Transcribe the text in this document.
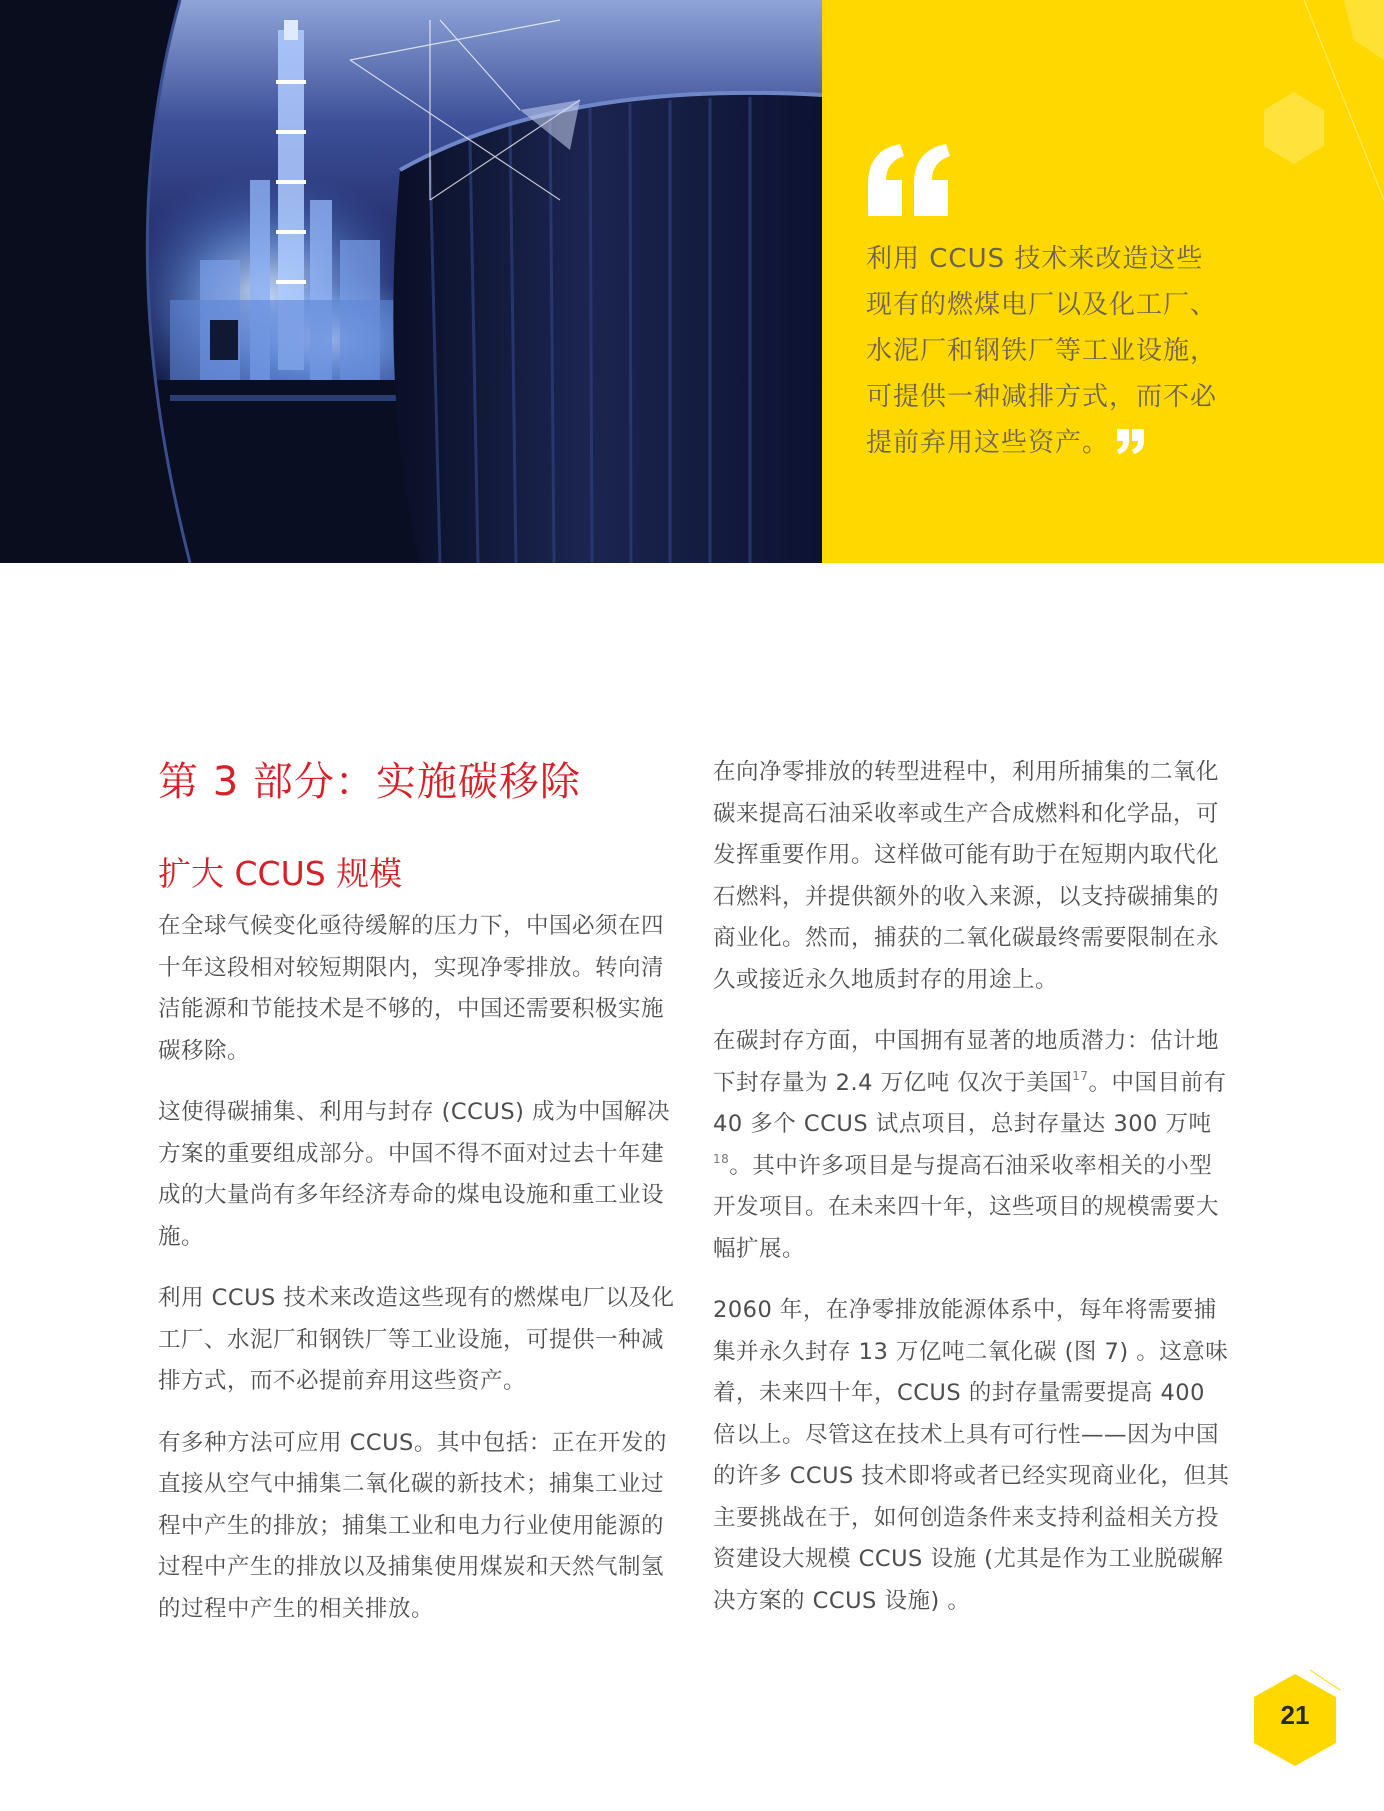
利用 CCUS 技术来改造这些
现有的燃煤电厂以及化工厂、
水泥厂和钢铁厂等工业设施，
可提供一种减排方式，而不必
提前弃用这些资产。
第 3 部分：实施碳移除
扩大 CCUS 规模

在全球气候变化亟待缓解的压力下，中国必须在四十年这段相对较短期限内，实现净零排放。转向清洁能源和节能技术是不够的，中国还需要积极实施碳移除。

这使得碳捕集、利用与封存 (CCUS) 成为中国解决方案的重要组成部分。中国不得不面对过去十年建成的大量尚有多年经济寿命的煤电设施和重工业设施。

利用 CCUS 技术来改造这些现有的燃煤电厂以及化工厂、水泥厂和钢铁厂等工业设施，可提供一种减排方式，而不必提前弃用这些资产。

有多种方法可应用 CCUS。其中包括：正在开发的直接从空气中捕集二氧化碳的新技术；捕集工业过程中产生的排放；捕集工业和电力行业使用能源的过程中产生的排放以及捕集使用煤炭和天然气制氢的过程中产生的相关排放。

在向净零排放的转型进程中，利用所捕集的二氧化碳来提高石油采收率或生产合成燃料和化学品，可发挥重要作用。这样做可能有助于在短期内取代化石燃料，并提供额外的收入来源，以支持碳捕集的商业化。然而，捕获的二氧化碳最终需要限制在永久或接近永久地质封存的用途上。

在碳封存方面，中国拥有显著的地质潜力：估计地下封存量为 2.4 万亿吨 仅次于美国$^{17}$。中国目前有 40 多个 CCUS 试点项目，总封存量达 300 万吨$^{18}$。其中许多项目是与提高石油采收率相关的小型开发项目。在未来四十年，这些项目的规模需要大幅扩展。

2060 年，在净零排放能源体系中，每年将需要捕集并永久封存 13 万亿吨二氧化碳 (图 7) 。这意味着，未来四十年，CCUS 的封存量需要提高 400 倍以上。尽管这在技术上具有可行性——因为中国的许多 CCUS 技术即将或者已经实现商业化，但其主要挑战在于，如何创造条件来支持利益相关方投资建设大规模 CCUS 设施 (尤其是作为工业脱碳解决方案的 CCUS 设施) 。

21
